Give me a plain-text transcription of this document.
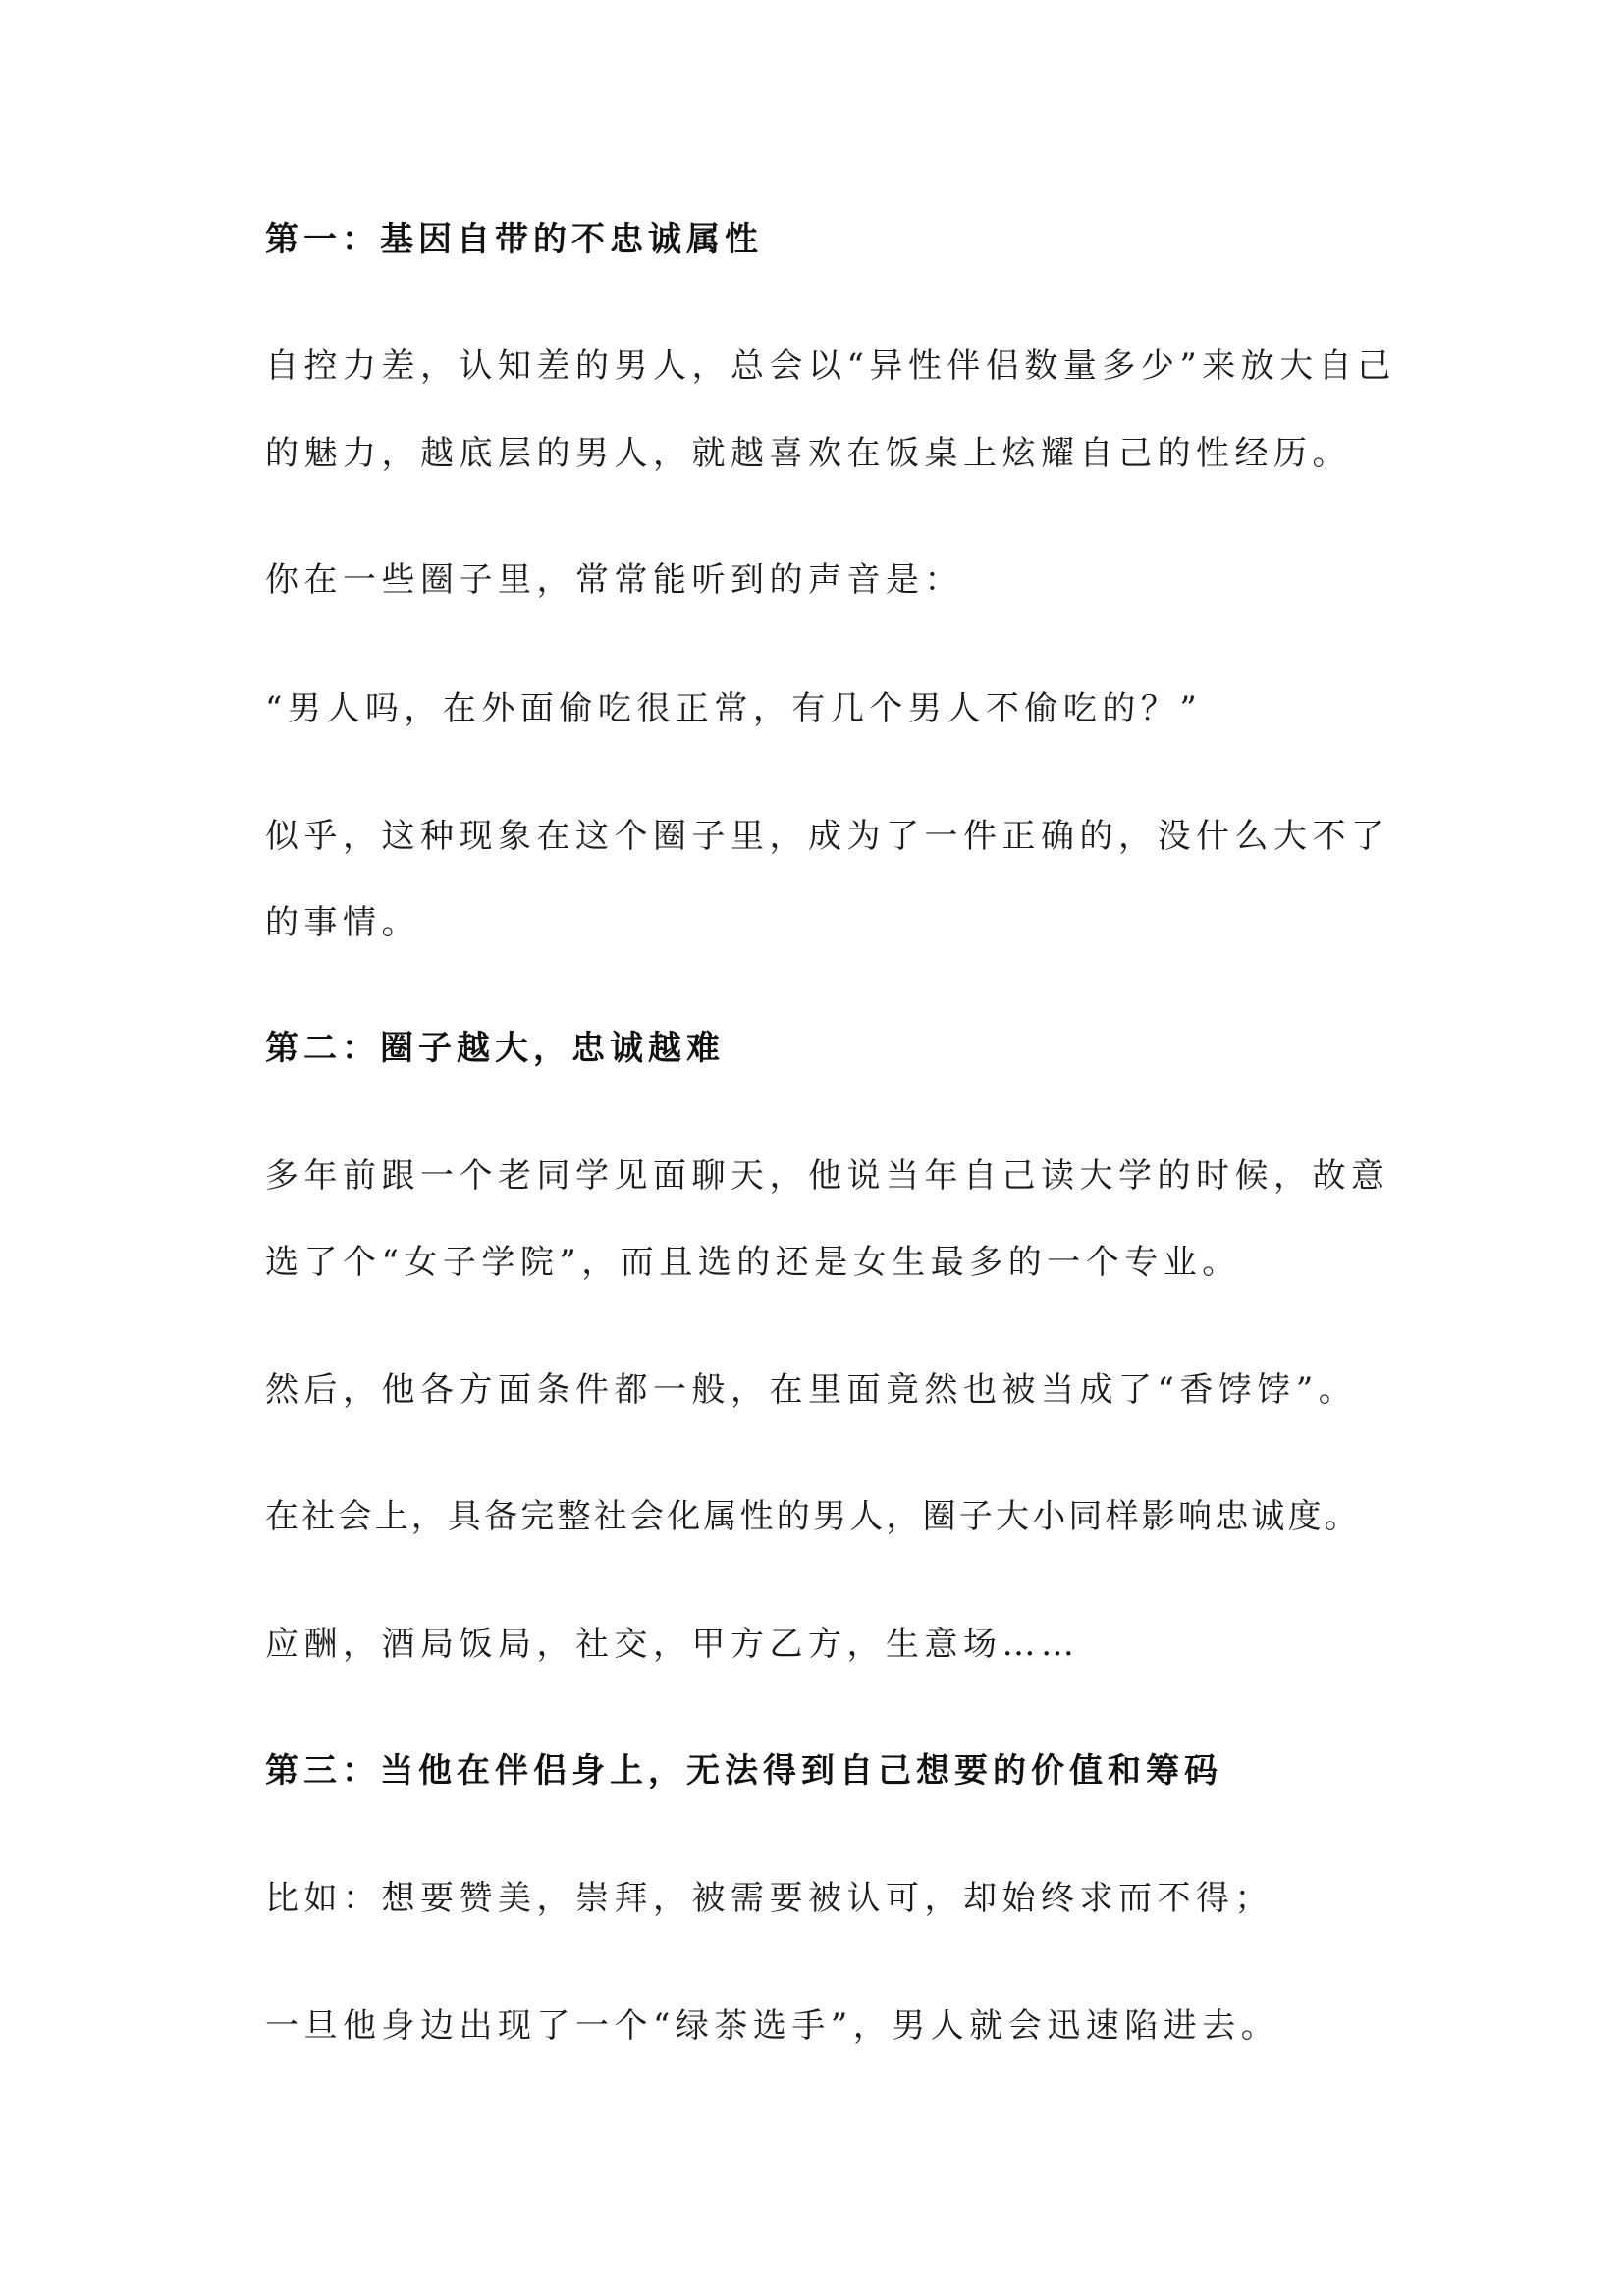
第一：基因自带的不忠诚属性

自控力差，认知差的男人，总会以“异性伴侣数量多少”来放大自己

的魅力，越底层的男人，就越喜欢在饭桌上炫耀自己的性经历。

你在一些圈子里，常常能听到的声音是：

“男人吗，在外面偷吃很正常，有几个男人不偷吃的？”

似乎，这种现象在这个圈子里，成为了一件正确的，没什么大不了

的事情。

第二：圈子越大，忠诚越难

多年前跟一个老同学见面聊天，他说当年自己读大学的时候，故意

选了个“女子学院”，而且选的还是女生最多的一个专业。

然后，他各方面条件都一般，在里面竟然也被当成了“香饽饽”。

在社会上，具备完整社会化属性的男人，圈子大小同样影响忠诚度。

应酬，酒局饭局，社交，甲方乙方，生意场……

第三：当他在伴侣身上，无法得到自己想要的价值和筹码

比如：想要赞美，崇拜，被需要被认可，却始终求而不得；

一旦他身边出现了一个“绿茶选手”，男人就会迅速陷进去。
